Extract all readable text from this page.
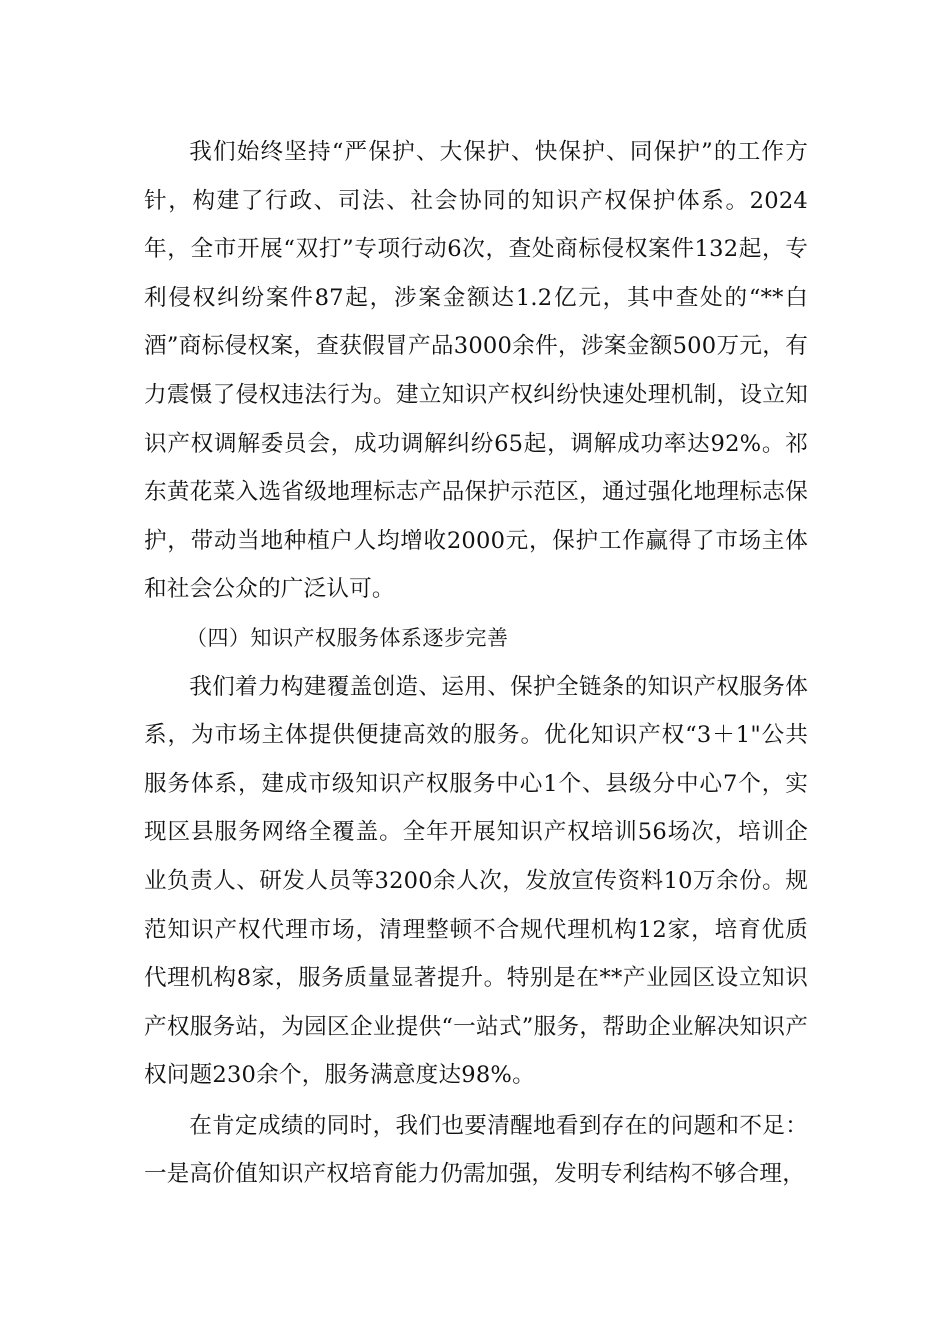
我们始终坚持“严保护、大保护、快保护、同保护”的工作方针，构建了行政、司法、社会协同的知识产权保护体系。2024年，全市开展“双打”专项行动6次，查处商标侵权案件132起，专利侵权纠纷案件87起，涉案金额达1.2亿元，其中查处的“**白酒”商标侵权案，查获假冒产品3000余件，涉案金额500万元，有力震慑了侵权违法行为。建立知识产权纠纷快速处理机制，设立知识产权调解委员会，成功调解纠纷65起，调解成功率达92%。祁东黄花菜入选省级地理标志产品保护示范区，通过强化地理标志保护，带动当地种植户人均增收2000元，保护工作赢得了市场主体和社会公众的广泛认可。

（四）知识产权服务体系逐步完善

我们着力构建覆盖创造、运用、保护全链条的知识产权服务体系，为市场主体提供便捷高效的服务。优化知识产权“3＋1"公共服务体系，建成市级知识产权服务中心1个、县级分中心7个，实现区县服务网络全覆盖。全年开展知识产权培训56场次，培训企业负责人、研发人员等3200余人次，发放宣传资料10万余份。规范知识产权代理市场，清理整顿不合规代理机构12家，培育优质代理机构8家，服务质量显著提升。特别是在**产业园区设立知识产权服务站，为园区企业提供“一站式”服务，帮助企业解决知识产权问题230余个，服务满意度达98%。

在肯定成绩的同时，我们也要清醒地看到存在的问题和不足：一是高价值知识产权培育能力仍需加强，发明专利结构不够合理，
